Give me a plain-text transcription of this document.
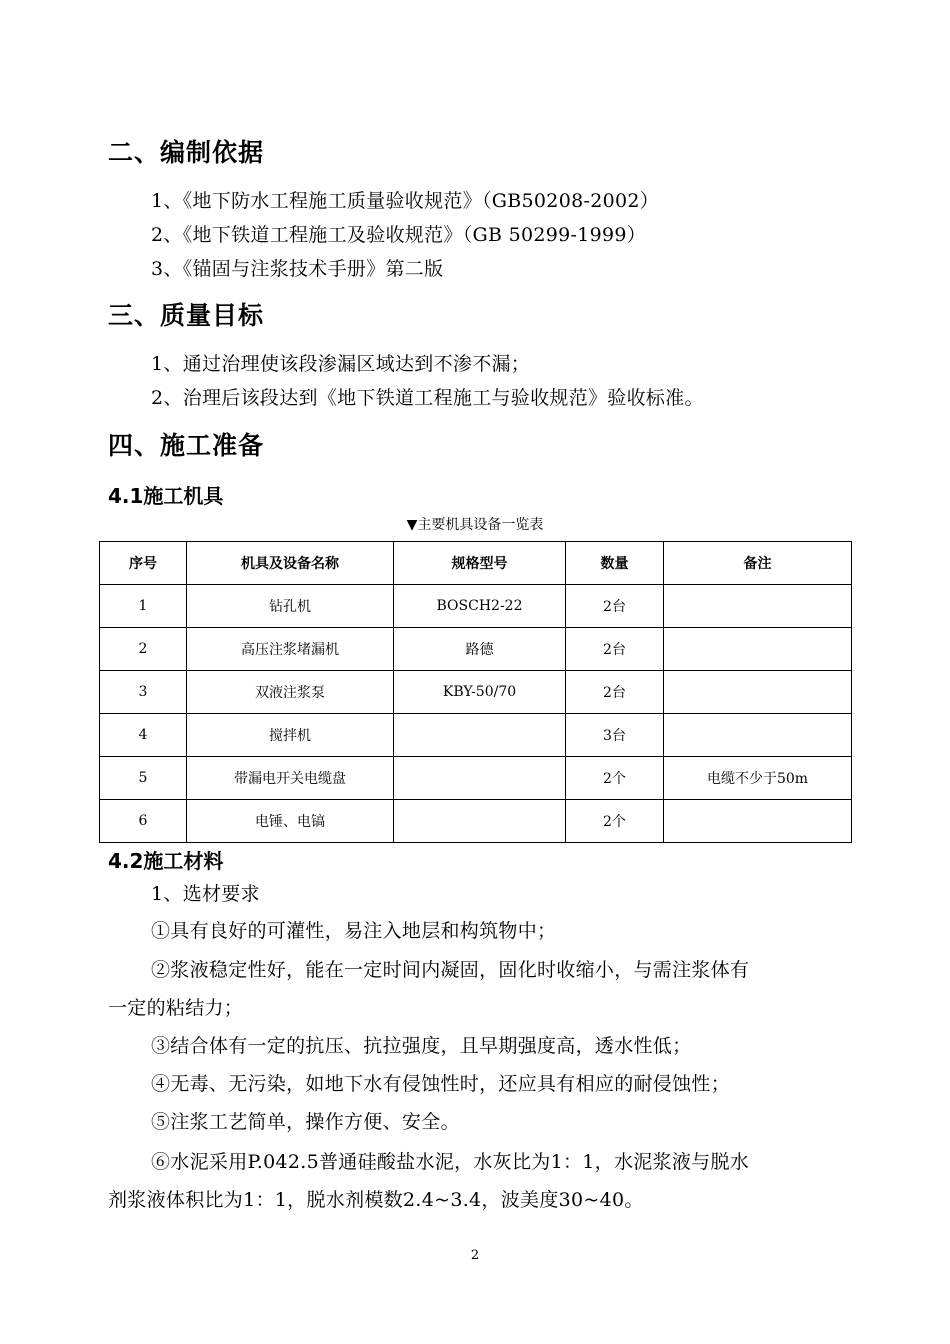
二、编制依据
1、《地下防水工程施工质量验收规范》（GB50208-2002）
2、《地下铁道工程施工及验收规范》（GB 50299-1999）
3、《锚固与注浆技术手册》第二版
三、质量目标
1、通过治理使该段渗漏区域达到不渗不漏；
2、治理后该段达到《地下铁道工程施工与验收规范》验收标准。
四、施工准备
4.1施工机具
▼主要机具设备一览表
序号	机具及设备名称	规格型号	数量	备注
1	钻孔机	BOSCH2-22	2台	
2	高压注浆堵漏机	路德	2台	
3	双液注浆泵	KBY-50/70	2台	
4	搅拌机		3台	
5	带漏电开关电缆盘		2个	电缆不少于50m
6	电锤、电镐		2个	
4.2施工材料
1、选材要求
①具有良好的可灌性，易注入地层和构筑物中；
②浆液稳定性好，能在一定时间内凝固，固化时收缩小，与需注浆体有
一定的粘结力；
③结合体有一定的抗压、抗拉强度，且早期强度高，透水性低；
④无毒、无污染，如地下水有侵蚀性时，还应具有相应的耐侵蚀性；
⑤注浆工艺简单，操作方便、安全。
⑥水泥采用P.042.5普通硅酸盐水泥，水灰比为1：1，水泥浆液与脱水
剂浆液体积比为1：1，脱水剂模数2.4~3.4，波美度30~40。
2
